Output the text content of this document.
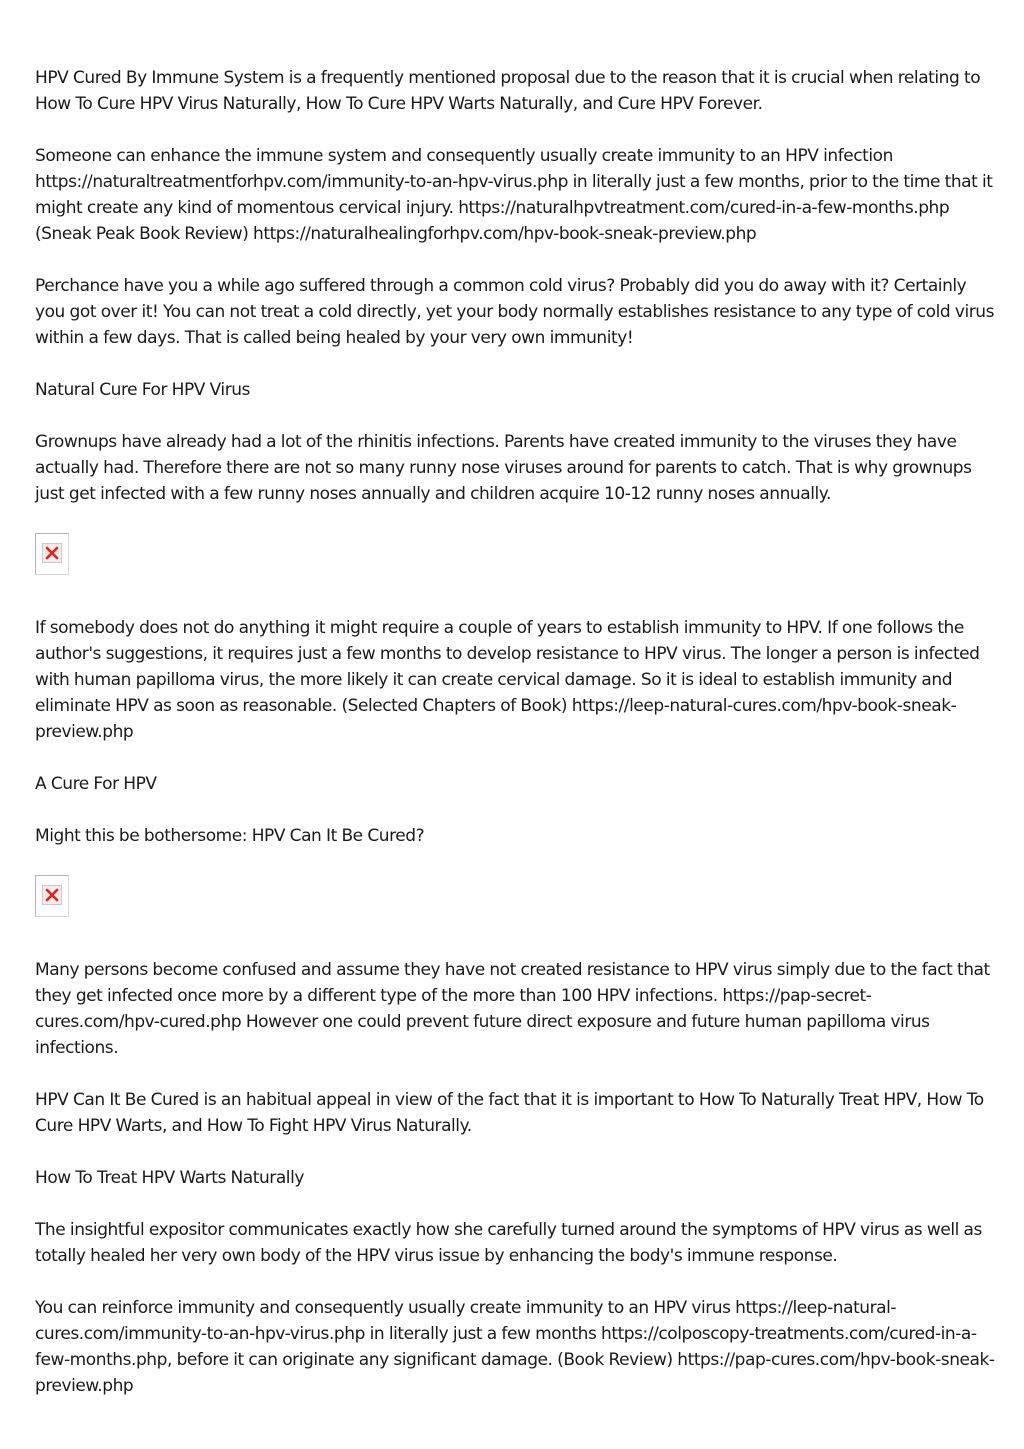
HPV Cured By Immune System is a frequently mentioned proposal due to the reason that it is crucial when relating to How To Cure HPV Virus Naturally, How To Cure HPV Warts Naturally, and Cure HPV Forever.

Someone can enhance the immune system and consequently usually create immunity to an HPV infection https://naturaltreatmentforhpv.com/immunity-to-an-hpv-virus.php in literally just a few months, prior to the time that it might create any kind of momentous cervical injury. https://naturalhpvtreatment.com/cured-in-a-few-months.php (Sneak Peak Book Review) https://naturalhealingforhpv.com/hpv-book-sneak-preview.php

Perchance have you a while ago suffered through a common cold virus? Probably did you do away with it? Certainly you got over it! You can not treat a cold directly, yet your body normally establishes resistance to any type of cold virus within a few days. That is called being healed by your very own immunity!

Natural Cure For HPV Virus

Grownups have already had a lot of the rhinitis infections. Parents have created immunity to the viruses they have actually had. Therefore there are not so many runny nose viruses around for parents to catch. That is why grownups just get infected with a few runny noses annually and children acquire 10-12 runny noses annually.

If somebody does not do anything it might require a couple of years to establish immunity to HPV. If one follows the author's suggestions, it requires just a few months to develop resistance to HPV virus. The longer a person is infected with human papilloma virus, the more likely it can create cervical damage. So it is ideal to establish immunity and eliminate HPV as soon as reasonable. (Selected Chapters of Book) https://leep-natural-cures.com/hpv-book-sneak-preview.php

A Cure For HPV

Might this be bothersome: HPV Can It Be Cured?

Many persons become confused and assume they have not created resistance to HPV virus simply due to the fact that they get infected once more by a different type of the more than 100 HPV infections. https://pap-secret-cures.com/hpv-cured.php However one could prevent future direct exposure and future human papilloma virus infections.

HPV Can It Be Cured is an habitual appeal in view of the fact that it is important to How To Naturally Treat HPV, How To Cure HPV Warts, and How To Fight HPV Virus Naturally.

How To Treat HPV Warts Naturally

The insightful expositor communicates exactly how she carefully turned around the symptoms of HPV virus as well as totally healed her very own body of the HPV virus issue by enhancing the body's immune response.

You can reinforce immunity and consequently usually create immunity to an HPV virus https://leep-natural-cures.com/immunity-to-an-hpv-virus.php in literally just a few months https://colposcopy-treatments.com/cured-in-a-few-months.php, before it can originate any significant damage. (Book Review) https://pap-cures.com/hpv-book-sneak-preview.php
